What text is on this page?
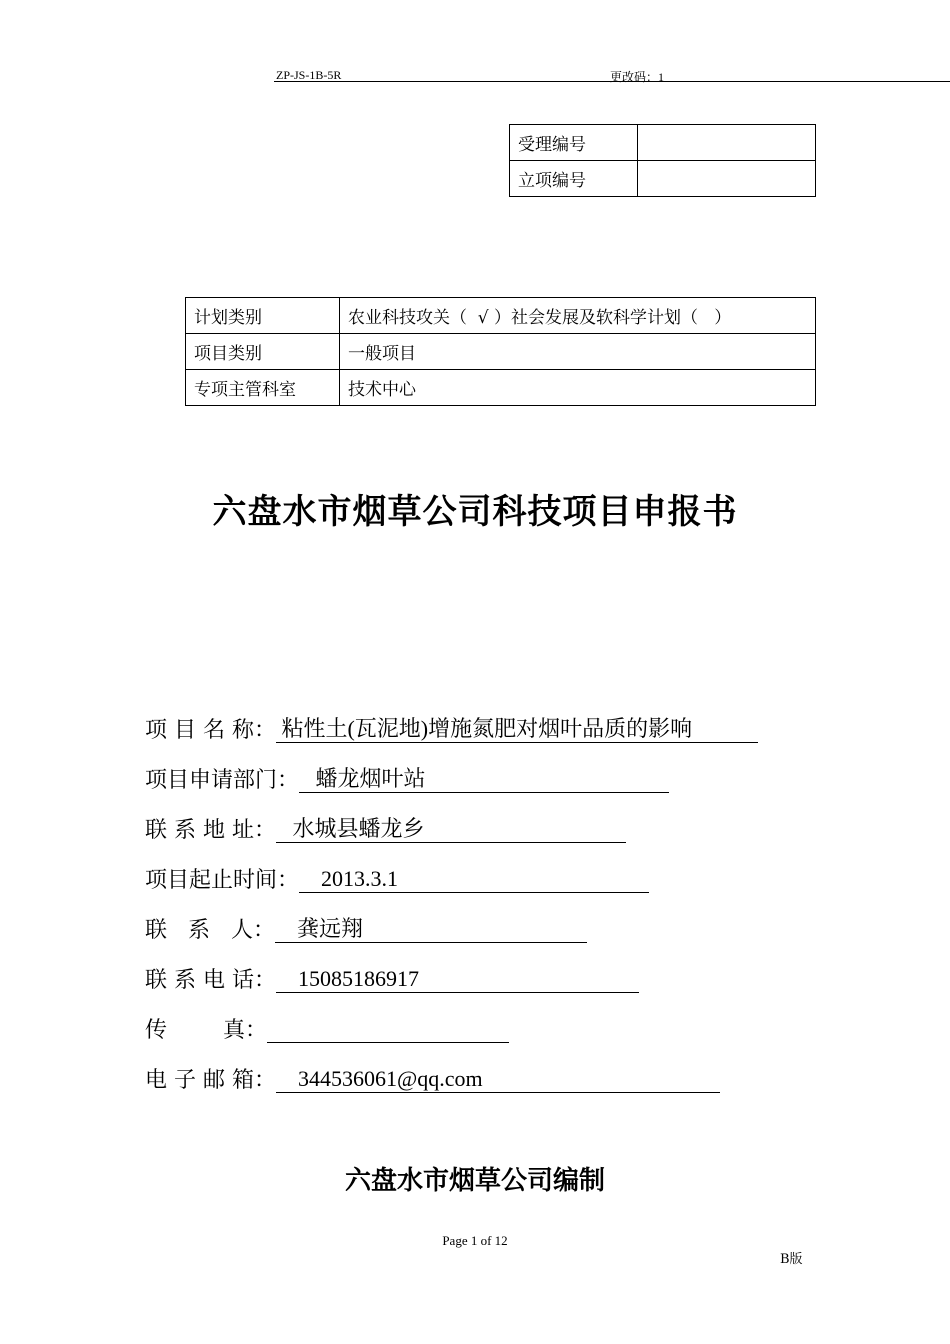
ZP-JS-1B-5R	更改码：1
受理编号	
立项编号	
计划类别	农业科技攻关（  √ ）社会发展及软科学计划（   ）
项目类别	一般项目
专项主管科室	技术中心
六盘水市烟草公司科技项目申报书
项 目 名 称： 粘性土(瓦泥地)增施氮肥对烟叶品质的影响
项目申请部门：   蟠龙烟叶站
联 系 地 址：   水城县蟠龙乡
项目起止时间：    2013.3.1
联   系   人：    龚远翔
联 系 电 话：    15085186917
传        真：
电 子 邮 箱：    344536061@qq.com
六盘水市烟草公司编制
Page 1 of 12
B版
